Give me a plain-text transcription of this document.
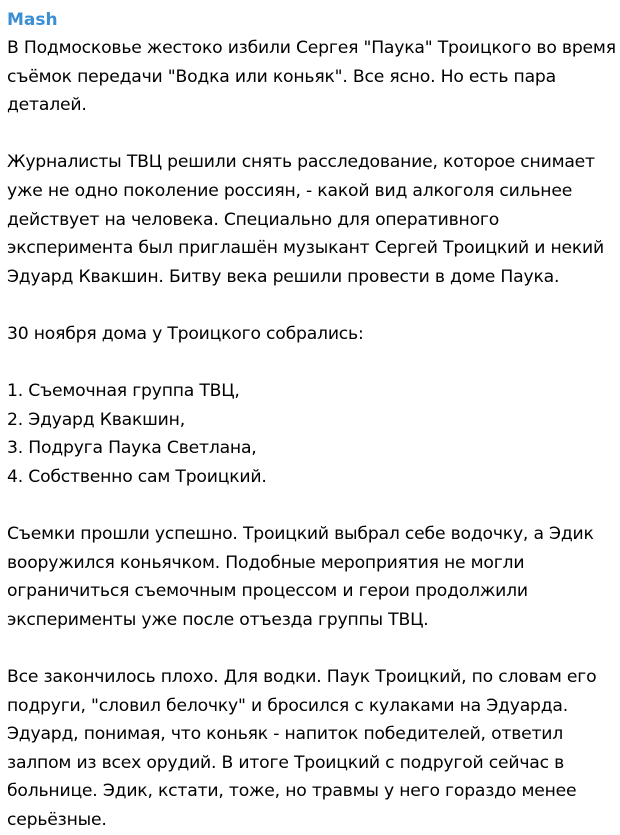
Mash

В Подмосковье жестоко избили Сергея "Паука" Троицкого во время съёмок передачи "Водка или коньяк". Все ясно. Но есть пара деталей.

Журналисты ТВЦ решили снять расследование, которое снимает уже не одно поколение россиян, - какой вид алкоголя сильнее действует на человека. Специально для оперативного эксперимента был приглашён музыкант Сергей Троицкий и некий Эдуард Квакшин. Битву века решили провести в доме Паука.

30 ноября дома у Троицкого собрались:

1. Съемочная группа ТВЦ,

2. Эдуард Квакшин,

3. Подруга Паука Светлана,

4. Собственно сам Троицкий.

Съемки прошли успешно. Троицкий выбрал себе водочку, а Эдик вооружился коньячком. Подобные мероприятия не могли ограничиться съемочным процессом и герои продолжили эксперименты уже после отъезда группы ТВЦ.

Все закончилось плохо. Для водки. Паук Троицкий, по словам его подруги, "словил белочку" и бросился с кулаками на Эдуарда. Эдуард, понимая, что коньяк - напиток победителей, ответил залпом из всех орудий. В итоге Троицкий с подругой сейчас в больнице. Эдик, кстати, тоже, но травмы у него гораздо менее серьёзные.
